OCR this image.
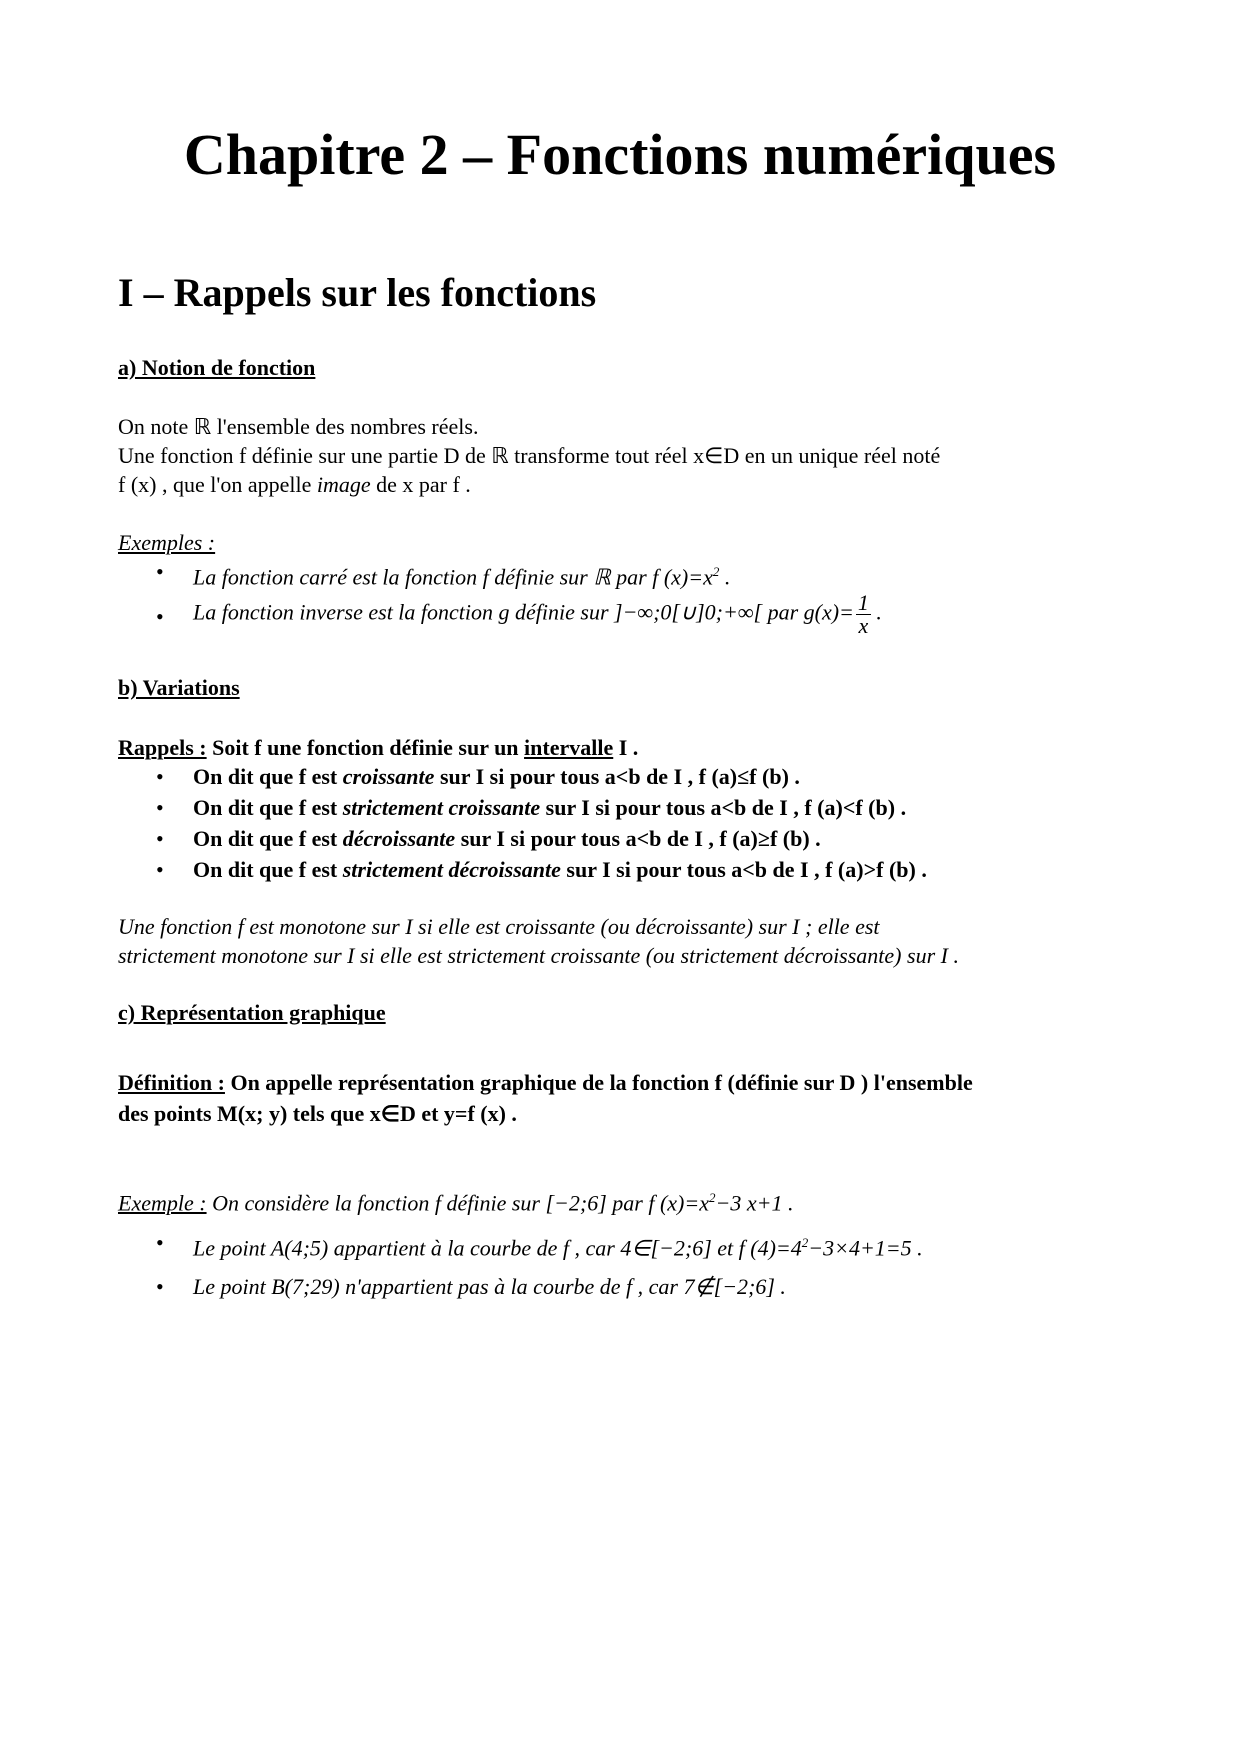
Chapitre 2 – Fonctions numériques
I – Rappels sur les fonctions
a) Notion de fonction
On note ℝ l'ensemble des nombres réels.
Une fonction f définie sur une partie D de ℝ transforme tout réel x∈D en un unique réel noté
f (x) , que l'on appelle image de x par f .
Exemples :
• La fonction carré est la fonction f définie sur ℝ par f $(x)=x^2$ .
• La fonction inverse est la fonction g définie sur ]−∞;0[∪]0;+∞[ par $g(x)= \frac{1}{x}$ .
b) Variations
Rappels : Soit f une fonction définie sur un intervalle I .
• On dit que f est croissante sur I si pour tous a<b de I , f (a)≤f (b) .
• On dit que f est strictement croissante sur I si pour tous a<b de I , f (a)<f (b) .
• On dit que f est décroissante sur I si pour tous a<b de I , f (a)≥f (b) .
• On dit que f est strictement décroissante sur I si pour tous a<b de I , f (a)>f (b) .
Une fonction f est monotone sur I si elle est croissante (ou décroissante) sur I ; elle est
strictement monotone sur I si elle est strictement croissante (ou strictement décroissante) sur I .
c) Représentation graphique
Définition : On appelle représentation graphique de la fonction f (définie sur D ) l'ensemble
des points M(x; y) tels que x∈D et y=f (x) .
Exemple : On considère la fonction f définie sur [−2;6] par f $(x)=x^2-3$ x+1 .
• Le point A(4;5) appartient à la courbe de f , car 4∈[−2;6] et f $(4)=4^2-3\times 4+1=5$ .
• Le point B(7;29) n'appartient pas à la courbe de f , car 7∉[−2;6] .
